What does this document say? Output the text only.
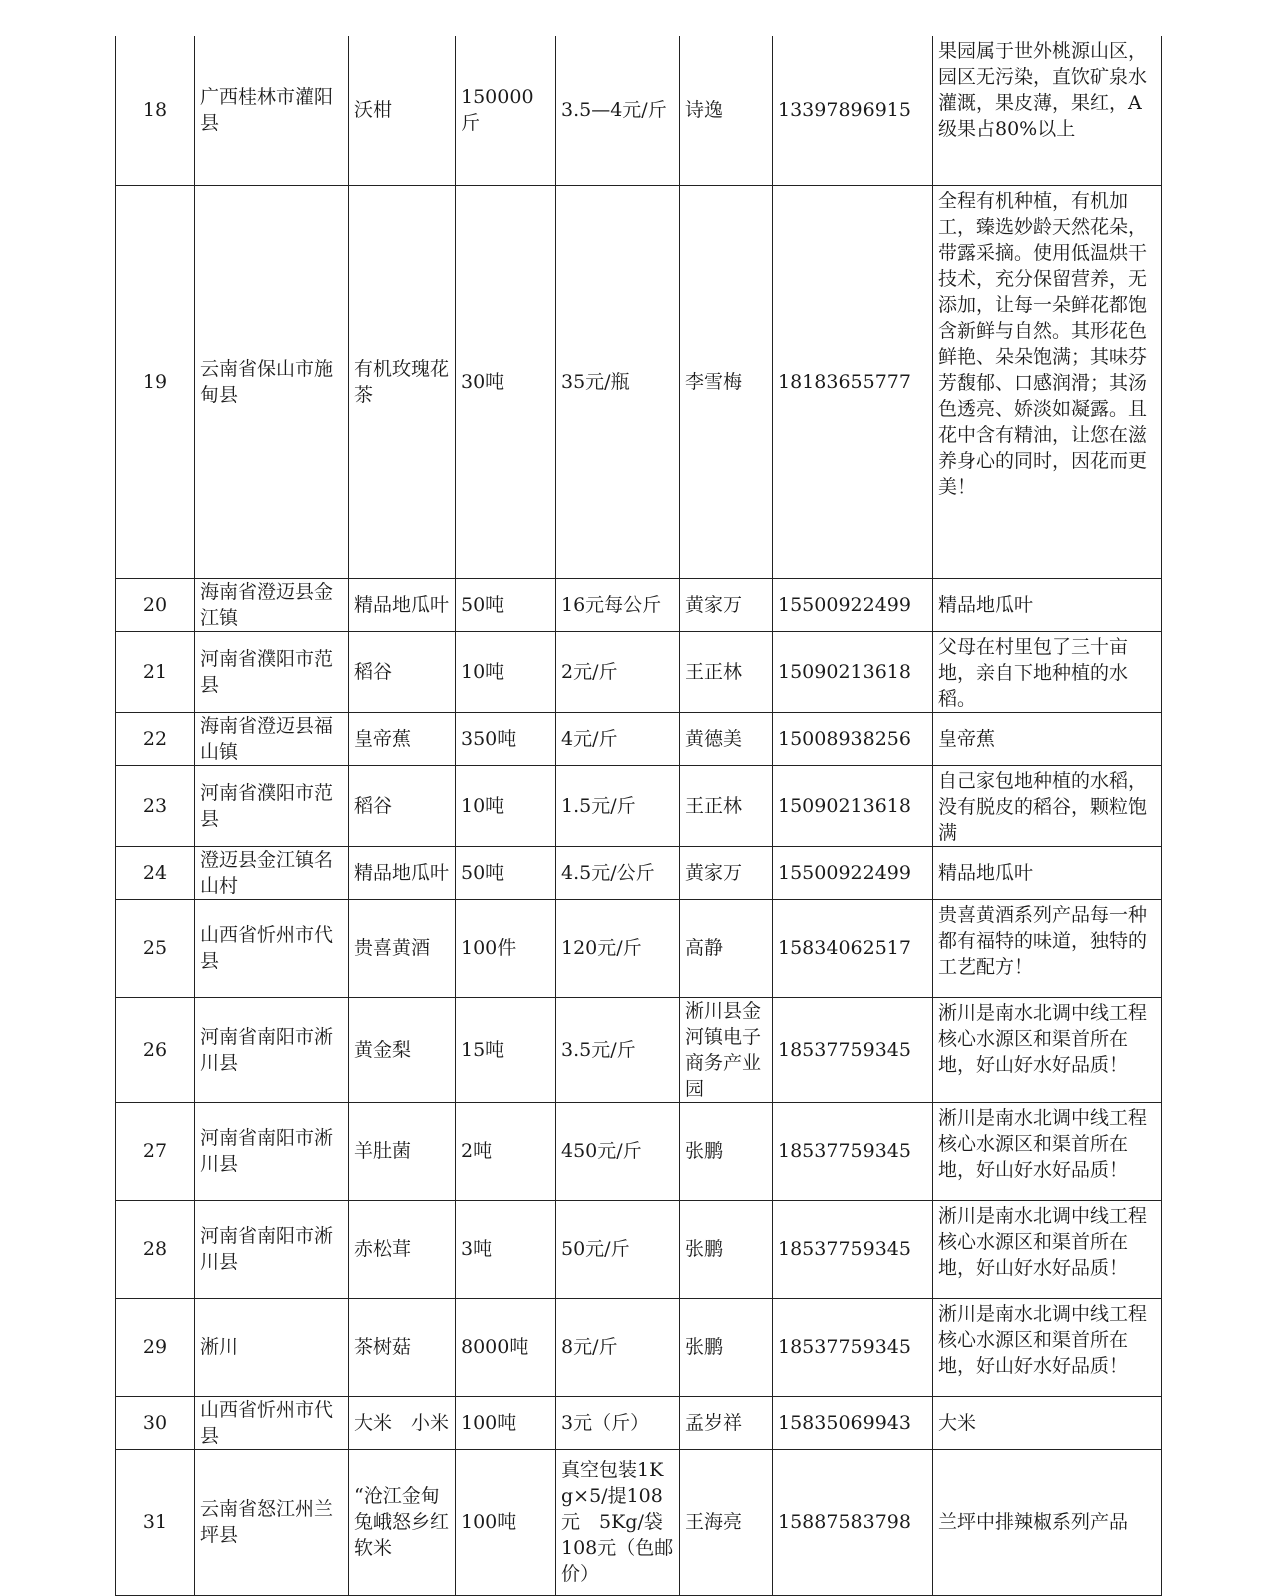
18	广西桂林市灌阳县	沃柑	150000斤	3.5—4元/斤	诗逸	13397896915	果园属于世外桃源山区，园区无污染，直饮矿泉水灌溉，果皮薄，果红，A级果占80%以上
19	云南省保山市施甸县	有机玫瑰花茶	30吨	35元/瓶	李雪梅	18183655777	全程有机种植，有机加工，臻选妙龄天然花朵，带露采摘。使用低温烘干技术，充分保留营养，无添加，让每一朵鲜花都饱含新鲜与自然。其形花色鲜艳、朵朵饱满；其味芬芳馥郁、口感润滑；其汤色透亮、娇淡如凝露。且花中含有精油，让您在滋养身心的同时，因花而更美！
20	海南省澄迈县金江镇	精品地瓜叶	50吨	16元每公斤	黄家万	15500922499	精品地瓜叶
21	河南省濮阳市范县	稻谷	10吨	2元/斤	王正林	15090213618	父母在村里包了三十亩地，亲自下地种植的水稻。
22	海南省澄迈县福山镇	皇帝蕉	350吨	4元/斤	黄德美	15008938256	皇帝蕉
23	河南省濮阳市范县	稻谷	10吨	1.5元/斤	王正林	15090213618	自己家包地种植的水稻，没有脱皮的稻谷，颗粒饱满
24	澄迈县金江镇名山村	精品地瓜叶	50吨	4.5元/公斤	黄家万	15500922499	精品地瓜叶
25	山西省忻州市代县	贵喜黄酒	100件	120元/斤	高静	15834062517	贵喜黄酒系列产品每一种都有福特的味道，独特的工艺配方！
26	河南省南阳市淅川县	黄金梨	15吨	3.5元/斤	淅川县金河镇电子商务产业园	18537759345	淅川是南水北调中线工程核心水源区和渠首所在地，好山好水好品质！
27	河南省南阳市淅川县	羊肚菌	2吨	450元/斤	张鹏	18537759345	淅川是南水北调中线工程核心水源区和渠首所在地，好山好水好品质！
28	河南省南阳市淅川县	赤松茸	3吨	50元/斤	张鹏	18537759345	淅川是南水北调中线工程核心水源区和渠首所在地，好山好水好品质！
29	淅川	茶树菇	8000吨	8元/斤	张鹏	18537759345	淅川是南水北调中线工程核心水源区和渠首所在地，好山好水好品质！
30	山西省忻州市代县	大米　小米	100吨	3元（斤）	孟岁祥	15835069943	大米
31	云南省怒江州兰坪县	“沧江金甸兔峨怒乡红软米	100吨	真空包装1Kg×5/提108元　5Kg/袋108元（色邮价）	王海亮	15887583798	兰坪中排辣椒系列产品
